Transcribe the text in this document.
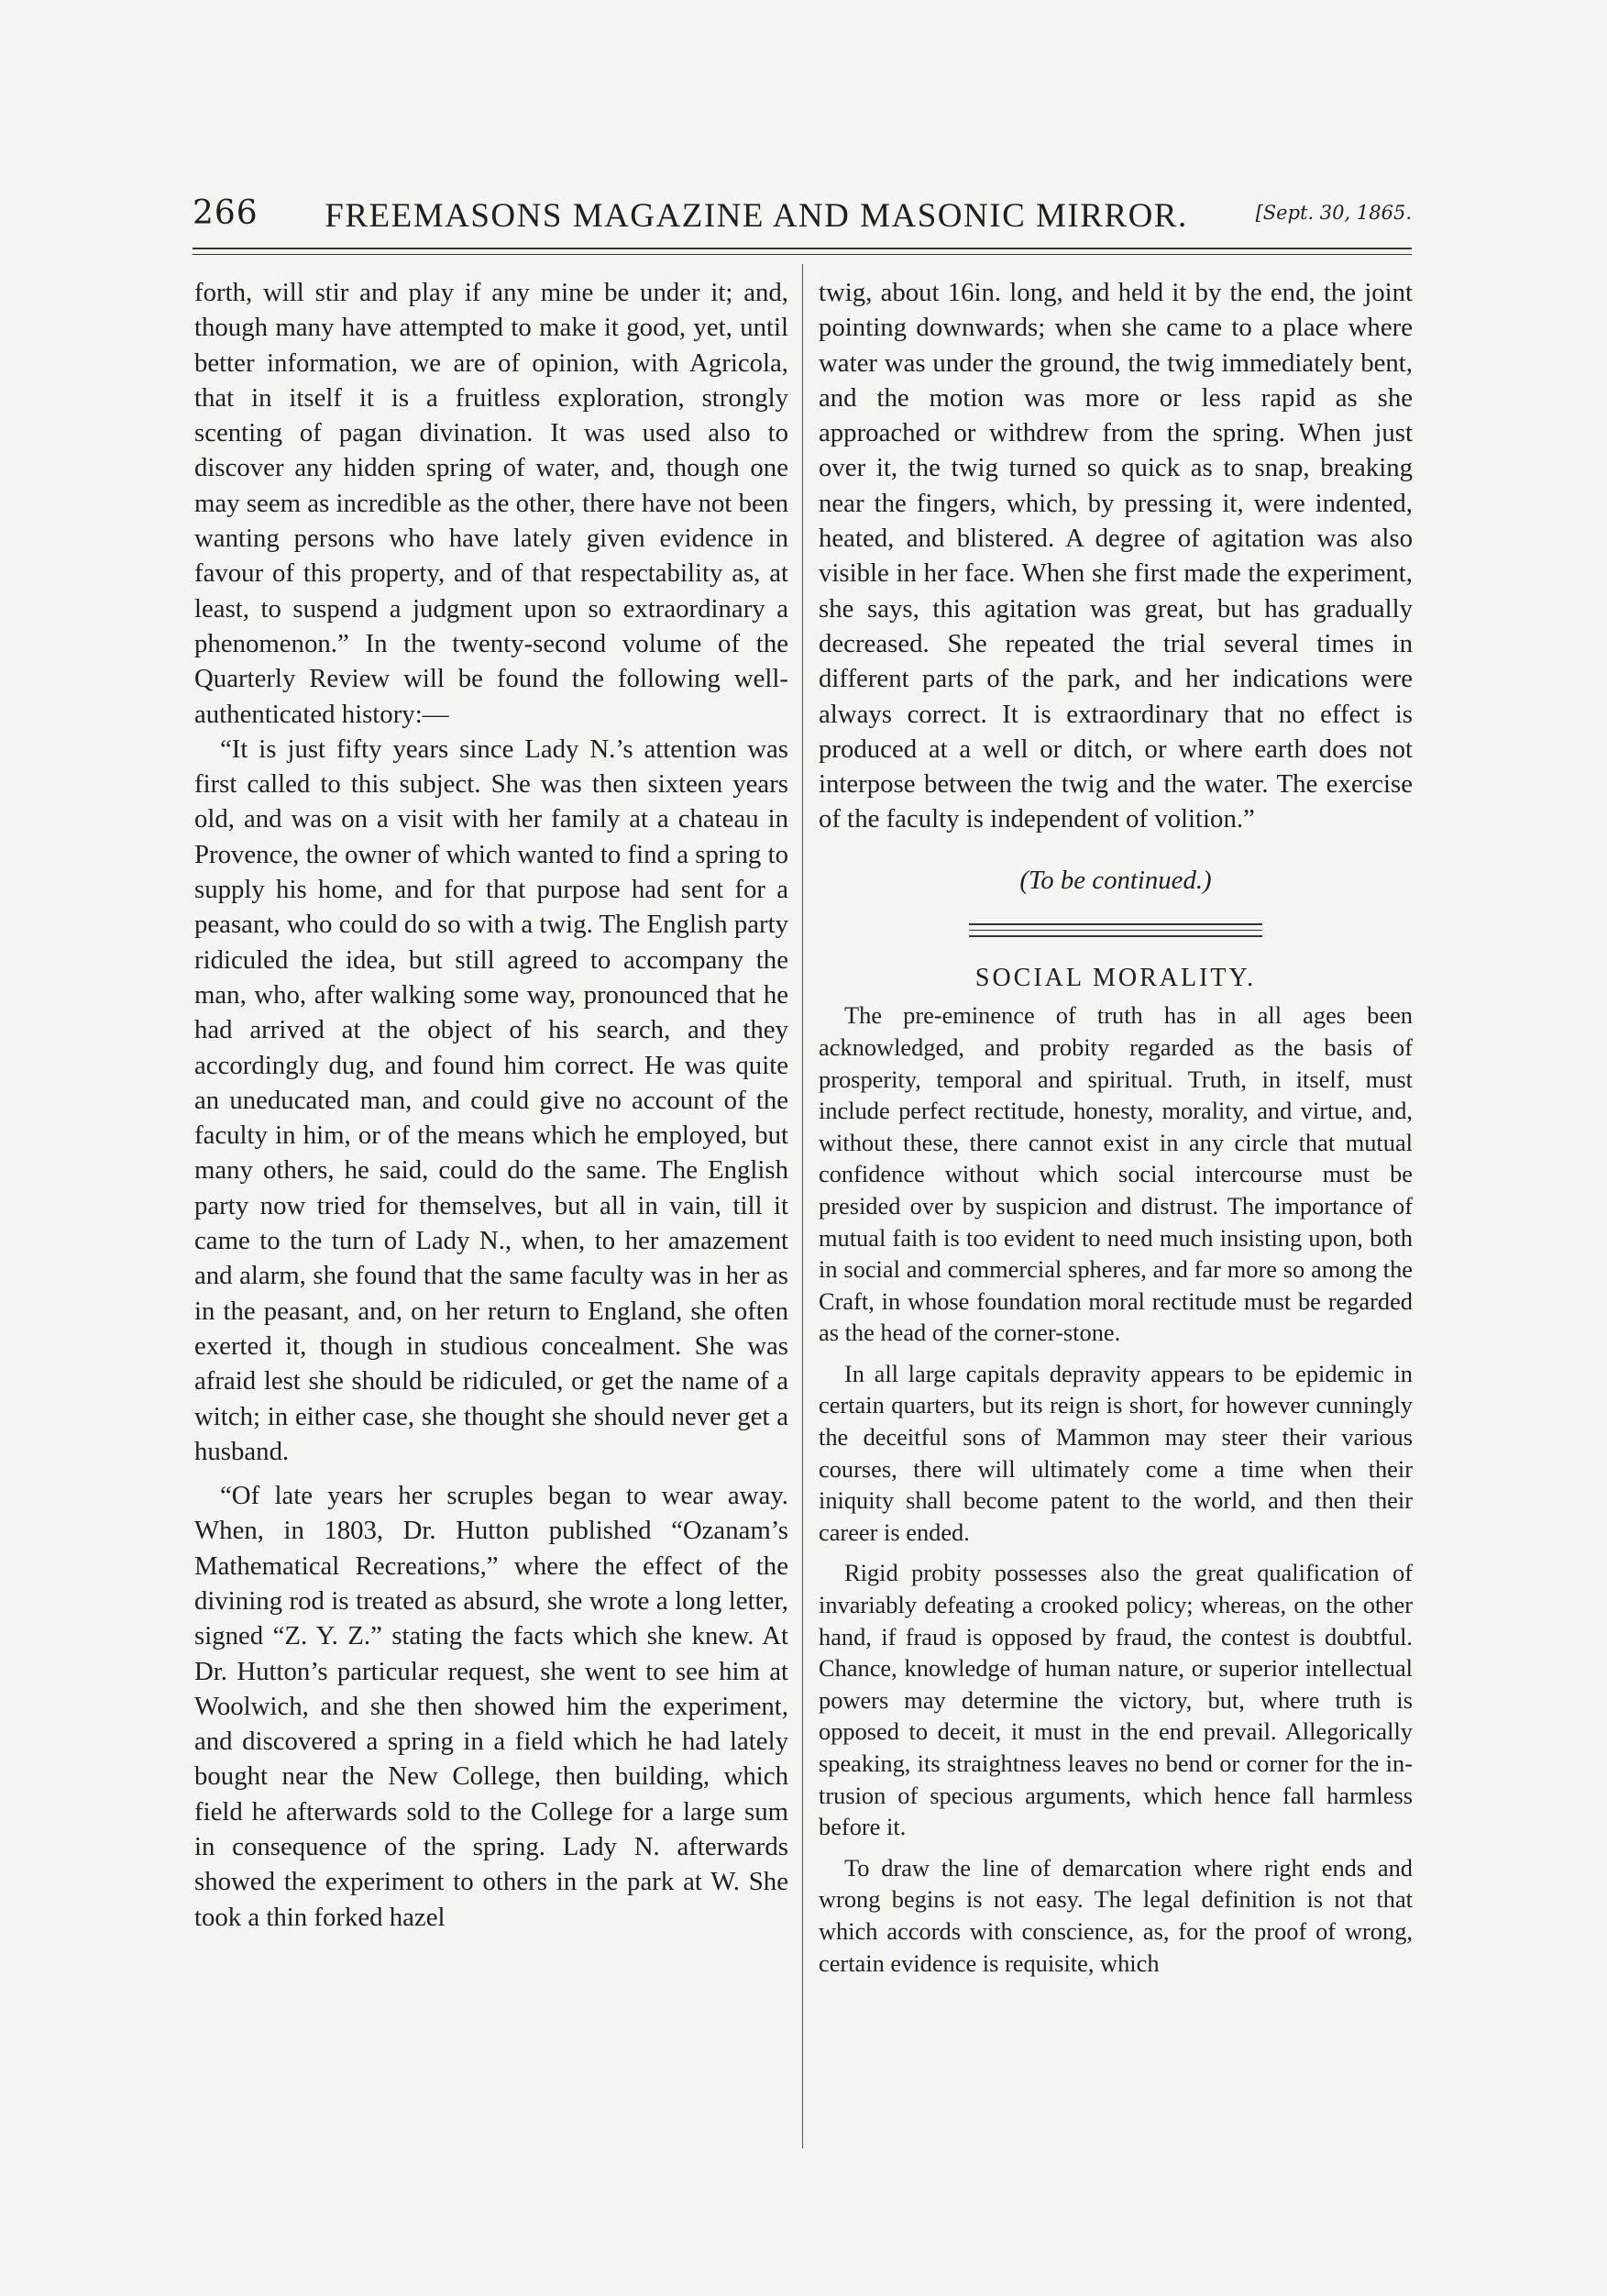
266	FREEMASONS MAGAZINE AND MASONIC MIRROR.	[Sept. 30, 1865.

forth, will stir and play if any mine be under it; and, though many have attempted to make it good, yet, until better information, we are of opinion, with Agricola, that in itself it is a fruitless exploration, strongly scenting of pagan divination. It was used also to discover any hidden spring of water, and, though one may seem as incredible as the other, there have not been wanting persons who have lately given evidence in favour of this property, and of that respectability as, at least, to suspend a judgment upon so extraordinary a phenomenon.” In the twenty-second volume of the Quarterly Review will be found the following well-authenticated history:—

“It is just fifty years since Lady N.’s attention was first called to this subject. She was then sixteen years old, and was on a visit with her family at a chateau in Provence, the owner of which wanted to find a spring to supply his home, and for that purpose had sent for a peasant, who could do so with a twig. The English party ridiculed the idea, but still agreed to accompany the man, who, after walking some way, pronounced that he had arrived at the object of his search, and they accordingly dug, and found him correct. He was quite an uneducated man, and could give no account of the faculty in him, or of the means which he employed, but many others, he said, could do the same. The English party now tried for themselves, but all in vain, till it came to the turn of Lady N., when, to her amazement and alarm, she found that the same faculty was in her as in the peasant, and, on her return to England, she often exerted it, though in studious concealment. She was afraid lest she should be ridiculed, or get the name of a witch; in either case, she thought she should never get a husband.

“Of late years her scruples began to wear away. When, in 1803, Dr. Hutton published “Ozanam’s Mathematical Recreations,” where the effect of the divining rod is treated as absurd, she wrote a long letter, signed “Z. Y. Z.” stating the facts which she knew. At Dr. Hutton’s particular request, she went to see him at Woolwich, and she then showed him the experiment, and discovered a spring in a field which he had lately bought near the New College, then building, which field he afterwards sold to the College for a large sum in consequence of the spring. Lady N. afterwards showed the experiment to others in the park at W. She took a thin forked hazel

twig, about 16in. long, and held it by the end, the joint pointing downwards; when she came to a place where water was under the ground, the twig immediately bent, and the motion was more or less rapid as she approached or withdrew from the spring. When just over it, the twig turned so quick as to snap, breaking near the fingers, which, by pressing it, were indented, heated, and blistered. A degree of agitation was also visible in her face. When she first made the experiment, she says, this agitation was great, but has gradually decreased. She repeated the trial several times in different parts of the park, and her indications were always correct. It is extraordinary that no effect is produced at a well or ditch, or where earth does not interpose between the twig and the water. The exercise of the faculty is independent of volition.”

(To be continued.)

SOCIAL MORALITY.

The pre-eminence of truth has in all ages been acknowledged, and probity regarded as the basis of prosperity, temporal and spiritual. Truth, in itself, must include perfect rectitude, honesty, morality, and virtue, and, without these, there cannot exist in any circle that mutual confidence without which social intercourse must be presided over by suspicion and distrust. The importance of mutual faith is too evident to need much insisting upon, both in social and commercial spheres, and far more so among the Craft, in whose foundation moral rectitude must be regarded as the head of the corner-stone.

In all large capitals depravity appears to be epidemic in certain quarters, but its reign is short, for however cunningly the deceitful sons of Mammon may steer their various courses, there will ultimately come a time when their iniquity shall become patent to the world, and then their career is ended.

Rigid probity possesses also the great qualification of invariably defeating a crooked policy; whereas, on the other hand, if fraud is opposed by fraud, the contest is doubtful. Chance, knowledge of human nature, or superior intellectual powers may determine the victory, but, where truth is opposed to deceit, it must in the end prevail. Allegorically speaking, its straightness leaves no bend or corner for the intrusion of specious arguments, which hence fall harmless before it.

To draw the line of demarcation where right ends and wrong begins is not easy. The legal definition is not that which accords with conscience, as, for the proof of wrong, certain evidence is requisite, which
